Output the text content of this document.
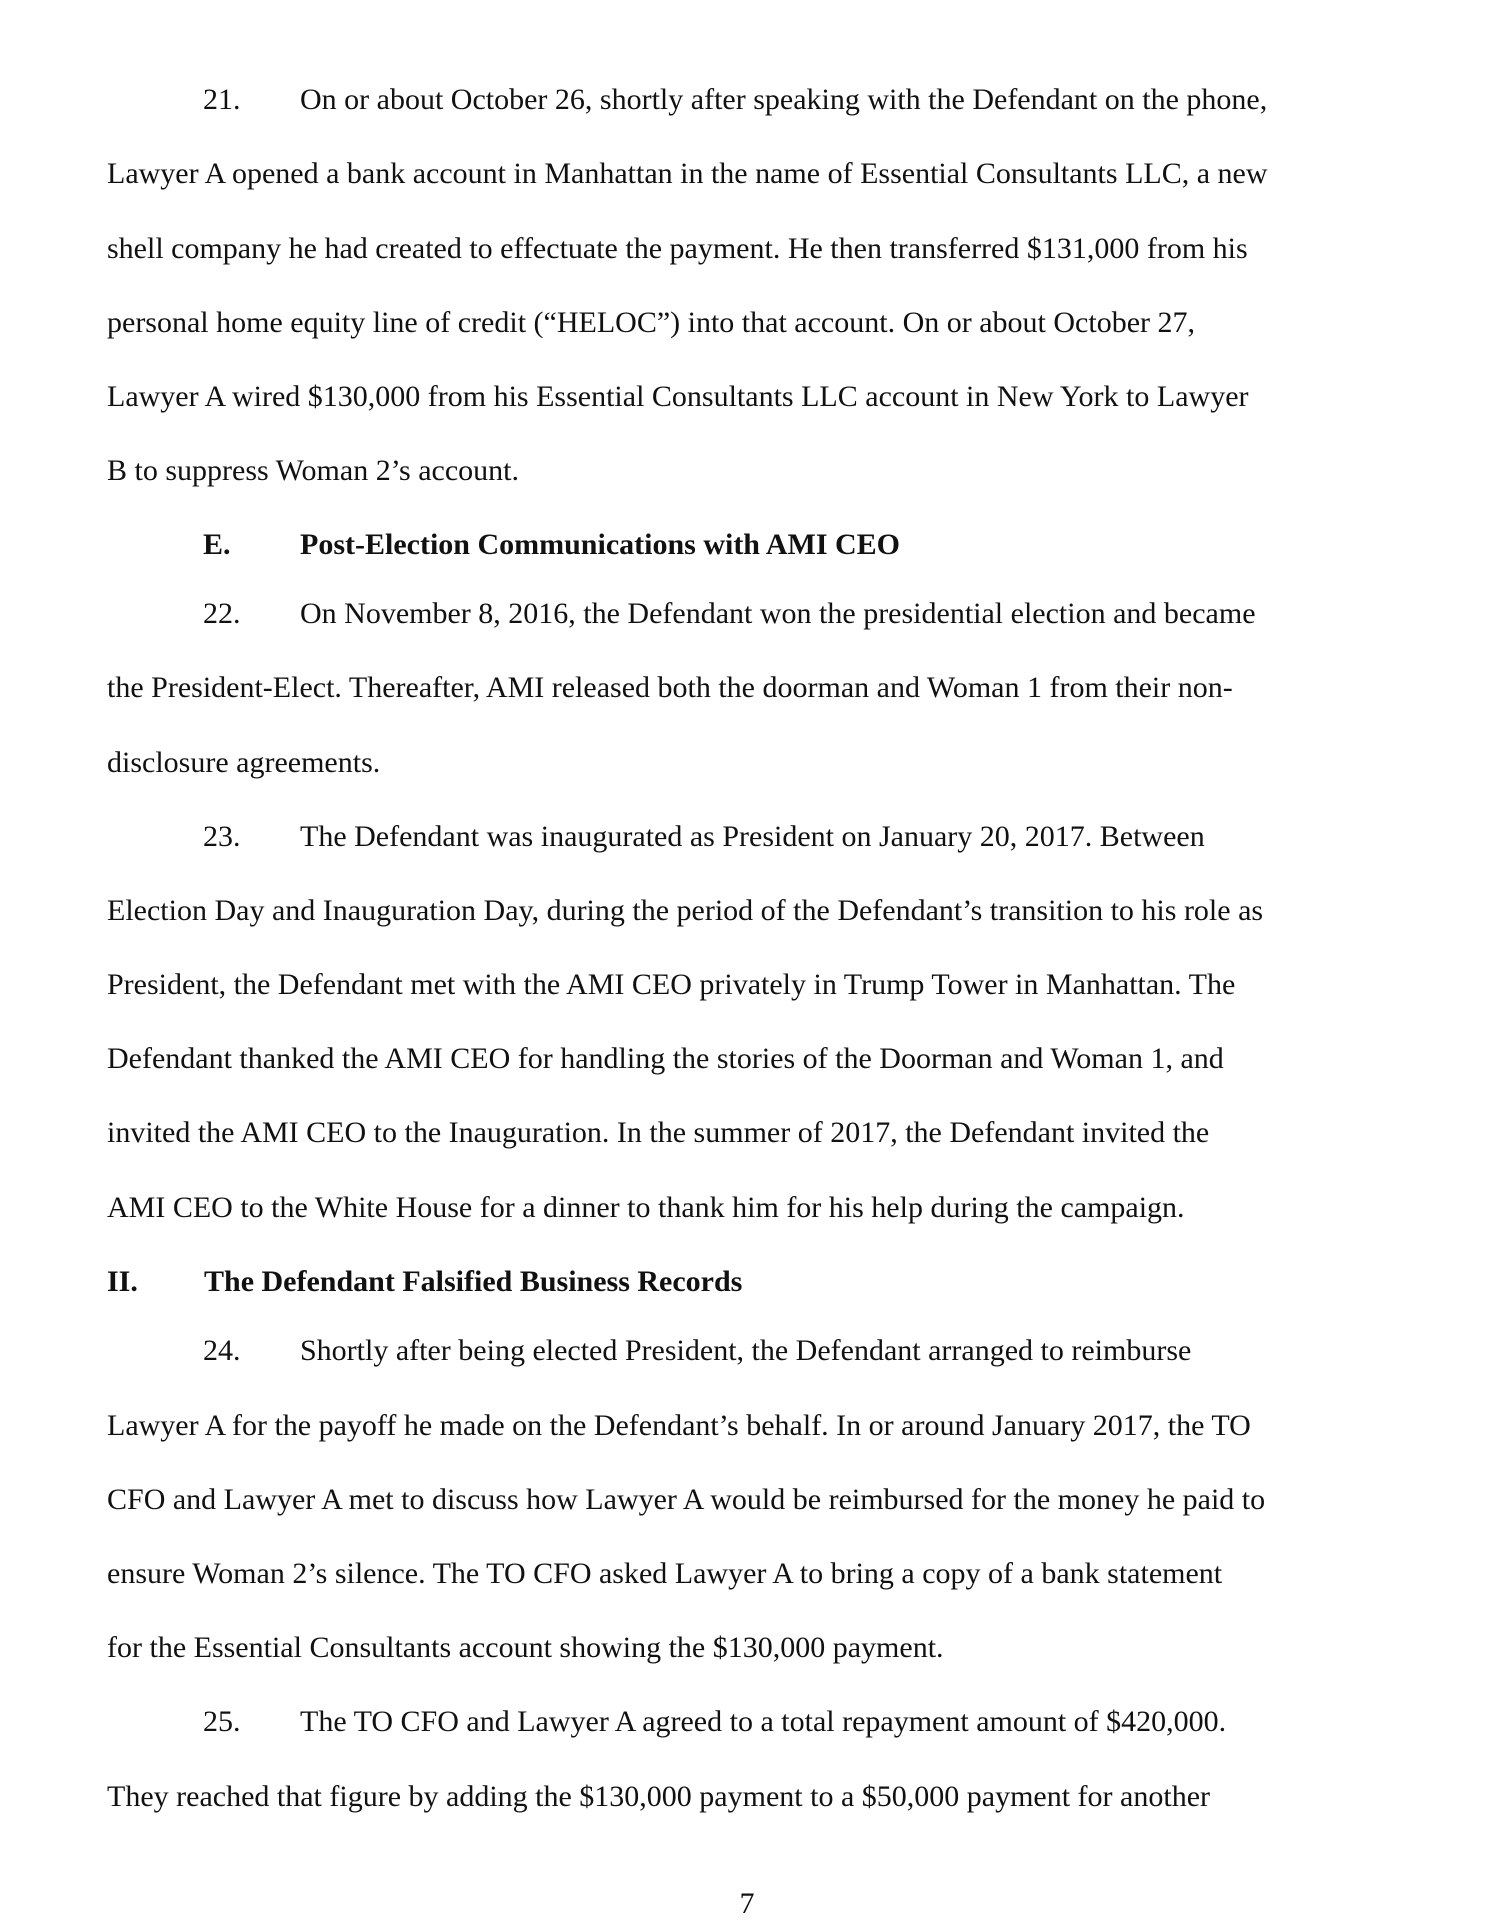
21. On or about October 26, shortly after speaking with the Defendant on the phone,
Lawyer A opened a bank account in Manhattan in the name of Essential Consultants LLC, a new
shell company he had created to effectuate the payment. He then transferred $131,000 from his
personal home equity line of credit (“HELOC”) into that account. On or about October 27,
Lawyer A wired $130,000 from his Essential Consultants LLC account in New York to Lawyer
B to suppress Woman 2’s account.
E. Post-Election Communications with AMI CEO
22. On November 8, 2016, the Defendant won the presidential election and became
the President-Elect. Thereafter, AMI released both the doorman and Woman 1 from their non-
disclosure agreements.
23. The Defendant was inaugurated as President on January 20, 2017. Between
Election Day and Inauguration Day, during the period of the Defendant’s transition to his role as
President, the Defendant met with the AMI CEO privately in Trump Tower in Manhattan. The
Defendant thanked the AMI CEO for handling the stories of the Doorman and Woman 1, and
invited the AMI CEO to the Inauguration. In the summer of 2017, the Defendant invited the
AMI CEO to the White House for a dinner to thank him for his help during the campaign.
II. The Defendant Falsified Business Records
24. Shortly after being elected President, the Defendant arranged to reimburse
Lawyer A for the payoff he made on the Defendant’s behalf. In or around January 2017, the TO
CFO and Lawyer A met to discuss how Lawyer A would be reimbursed for the money he paid to
ensure Woman 2’s silence. The TO CFO asked Lawyer A to bring a copy of a bank statement
for the Essential Consultants account showing the $130,000 payment.
25. The TO CFO and Lawyer A agreed to a total repayment amount of $420,000.
They reached that figure by adding the $130,000 payment to a $50,000 payment for another
7
